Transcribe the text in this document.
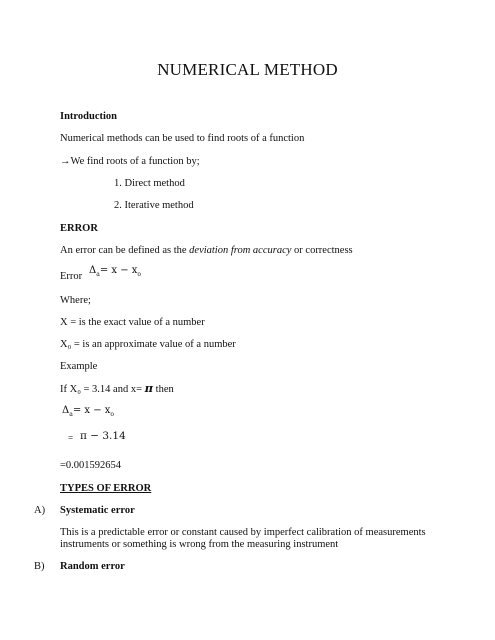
NUMERICAL METHOD
Introduction
Numerical methods can be used to find roots of a function
→We find roots of a function by;
1. Direct method
2. Iterative method
ERROR
An error can be defined as the deviation from accuracy or correctness
Error
$\Delta_a= x - x_o$
Where;
X = is the exact value of a number
X₀ = is an approximate value of a number
Example
If X₀ = 3.14 and x= π then
$\Delta_a= x - x_o$
= π − 3.14
=0.001592654
TYPES OF ERROR
A) Systematic error
This is a predictable error or constant caused by imperfect calibration of measurements instruments or something is wrong from the measuring instrument
B) Random error
